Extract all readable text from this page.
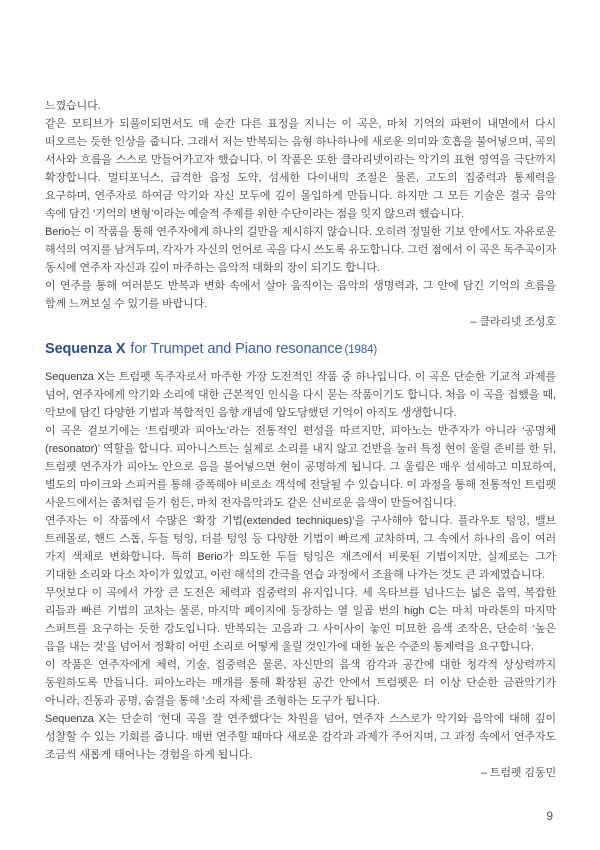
느꼈습니다.

같은 모티브가 되풀이되면서도 매 순간 다른 표정을 지니는 이 곡은, 마치 기억의 파편이 내면에서 다시 떠오르는 듯한 인상을 줍니다. 그래서 저는 반복되는 음형 하나하나에 새로운 의미와 호흡을 불어넣으며, 곡의 서사와 흐름을 스스로 만들어가고자 했습니다. 이 작품은 또한 클라리넷이라는 악기의 표현 영역을 극단까지 확장합니다. 멀티포닉스, 급격한 음정 도약, 섬세한 다이내믹 조절은 물론, 고도의 집중력과 통제력을 요구하며, 연주자로 하여금 악기와 자신 모두에 깊이 몰입하게 만듭니다. 하지만 그 모든 기술은 결국 음악 속에 담긴 ‘기억의 변형’이라는 예술적 주제를 위한 수단이라는 점을 잊지 않으려 했습니다.

Berio는 이 작품을 통해 연주자에게 하나의 길만을 제시하지 않습니다. 오히려 정밀한 기보 안에서도 자유로운 해석의 여지를 남겨두며, 각자가 자신의 언어로 곡을 다시 쓰도록 유도합니다. 그런 점에서 이 곡은 독주곡이자 동시에 연주자 자신과 깊이 마주하는 음악적 대화의 장이 되기도 합니다.

이 연주를 통해 여러분도 반복과 변화 속에서 살아 움직이는 음악의 생명력과, 그 안에 담긴 기억의 흐름을 함께 느껴보실 수 있기를 바랍니다.

– 클라리넷 조성호

Sequenza X for Trumpet and Piano resonance (1984)

Sequenza X는 트럼펫 독주자로서 마주한 가장 도전적인 작품 중 하나입니다. 이 곡은 단순한 기교적 과제를 넘어, 연주자에게 악기와 소리에 대한 근본적인 인식을 다시 묻는 작품이기도 합니다. 처음 이 곡을 접했을 때, 악보에 담긴 다양한 기법과 복합적인 음향 개념에 압도당했던 기억이 아직도 생생합니다.

이 곡은 겉보기에는 ‘트럼펫과 피아노’라는 전통적인 편성을 따르지만, 피아노는 반주자가 아니라 ‘공명체(resonator)’ 역할을 합니다. 피아니스트는 실제로 소리를 내지 않고 건반을 눌러 특정 현이 울릴 준비를 한 뒤, 트럼펫 연주자가 피아노 안으로 음을 불어넣으면 현이 공명하게 됩니다. 그 울림은 매우 섬세하고 미묘하여, 별도의 마이크와 스피커를 통해 증폭해야 비로소 객석에 전달될 수 있습니다. 이 과정을 통해 전통적인 트럼펫 사운드에서는 좀처럼 듣기 힘든, 마치 전자음악과도 같은 신비로운 음색이 만들어집니다.

연주자는 이 작품에서 수많은 ‘확장 기법(extended techniques)’을 구사해야 합니다. 플라우토 텅잉, 밸브 트레몰로, 핸드 스톱, 두들 텅잉, 더블 텅잉 등 다양한 기법이 빠르게 교차하며, 그 속에서 하나의 음이 여러 가지 색채로 변화합니다. 특히 Berio가 의도한 두들 텅잉은 재즈에서 비롯된 기법이지만, 실제로는 그가 기대한 소리와 다소 차이가 있었고, 이런 해석의 간극을 연습 과정에서 조율해 나가는 것도 큰 과제였습니다.

무엇보다 이 곡에서 가장 큰 도전은 체력과 집중력의 유지입니다. 세 옥타브를 넘나드는 넓은 음역, 복잡한 리듬과 빠른 기법의 교차는 물론, 마지막 페이지에 등장하는 열 일곱 번의 high C는 마치 마라톤의 마지막 스퍼트를 요구하는 듯한 강도입니다. 반복되는 고음과 그 사이사이 놓인 미묘한 음색 조작은, 단순히 ‘높은 음을 내는 것’을 넘어서 정확히 어떤 소리로 어떻게 울릴 것인가에 대한 높은 수준의 통제력을 요구합니다.

이 작품은 연주자에게 체력, 기술, 집중력은 물론, 자신만의 음색 감각과 공간에 대한 청각적 상상력까지 동원하도록 만듭니다. 피아노라는 매개를 통해 확장된 공간 안에서 트럼펫은 더 이상 단순한 금관악기가 아니라, 진동과 공명, 숨결을 통해 ‘소리 자체’를 조형하는 도구가 됩니다.

Sequenza X는 단순히 ‘현대 곡을 잘 연주했다’는 차원을 넘어, 연주자 스스로가 악기와 음악에 대해 깊이 성찰할 수 있는 기회를 줍니다. 매번 연주할 때마다 새로운 감각과 과제가 주어지며, 그 과정 속에서 연주자도 조금씩 새롭게 태어나는 경험을 하게 됩니다.

– 트럼펫 김동민

9
